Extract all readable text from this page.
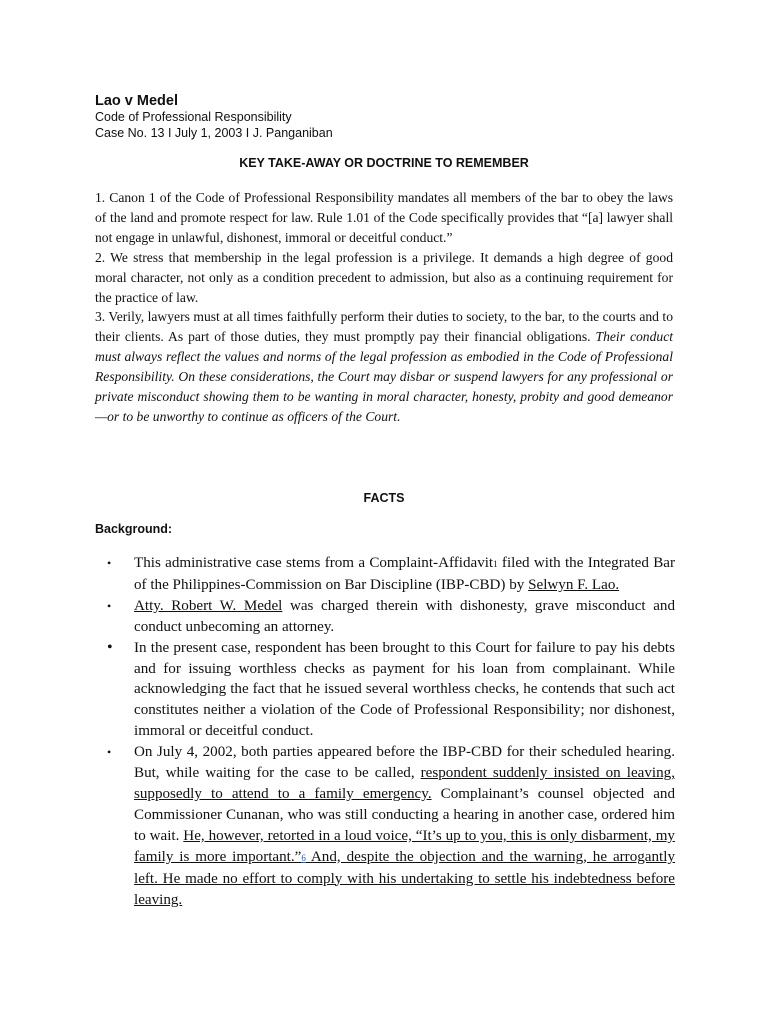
Lao v Medel
Code of Professional Responsibility
Case No. 13 I July 1, 2003 I J. Panganiban
KEY TAKE-AWAY OR DOCTRINE TO REMEMBER

1. Canon 1 of the Code of Professional Responsibility mandates all members of the bar to obey the laws of the land and promote respect for law. Rule 1.01 of the Code specifically provides that “[a] lawyer shall not engage in unlawful, dishonest, immoral or deceitful conduct.”

2. We stress that membership in the legal profession is a privilege. It demands a high degree of good moral character, not only as a condition precedent to admission, but also as a continuing requirement for the practice of law.

3. Verily, lawyers must at all times faithfully perform their duties to society, to the bar, to the courts and to their clients. As part of those duties, they must promptly pay their financial obligations. Their conduct must always reflect the values and norms of the legal profession as embodied in the Code of Professional Responsibility. On these considerations, the Court may disbar or suspend lawyers for any professional or private misconduct showing them to be wanting in moral character, honesty, probity and good demeanor—or to be unworthy to continue as officers of the Court.

FACTS
Background:
• This administrative case stems from a Complaint-Affidavit1 filed with the Integrated Bar of the Philippines-Commission on Bar Discipline (IBP-CBD) by Selwyn F. Lao.
• Atty. Robert W. Medel was charged therein with dishonesty, grave misconduct and conduct unbecoming an attorney.
• In the present case, respondent has been brought to this Court for failure to pay his debts and for issuing worthless checks as payment for his loan from complainant. While acknowledging the fact that he issued several worthless checks, he contends that such act constitutes neither a violation of the Code of Professional Responsibility; nor dishonest, immoral or deceitful conduct.
• On July 4, 2002, both parties appeared before the IBP-CBD for their scheduled hearing. But, while waiting for the case to be called, respondent suddenly insisted on leaving, supposedly to attend to a family emergency. Complainant’s counsel objected and Commissioner Cunanan, who was still conducting a hearing in another case, ordered him to wait. He, however, retorted in a loud voice, “It’s up to you, this is only disbarment, my family is more important.”6 And, despite the objection and the warning, he arrogantly left. He made no effort to comply with his undertaking to settle his indebtedness before leaving.
